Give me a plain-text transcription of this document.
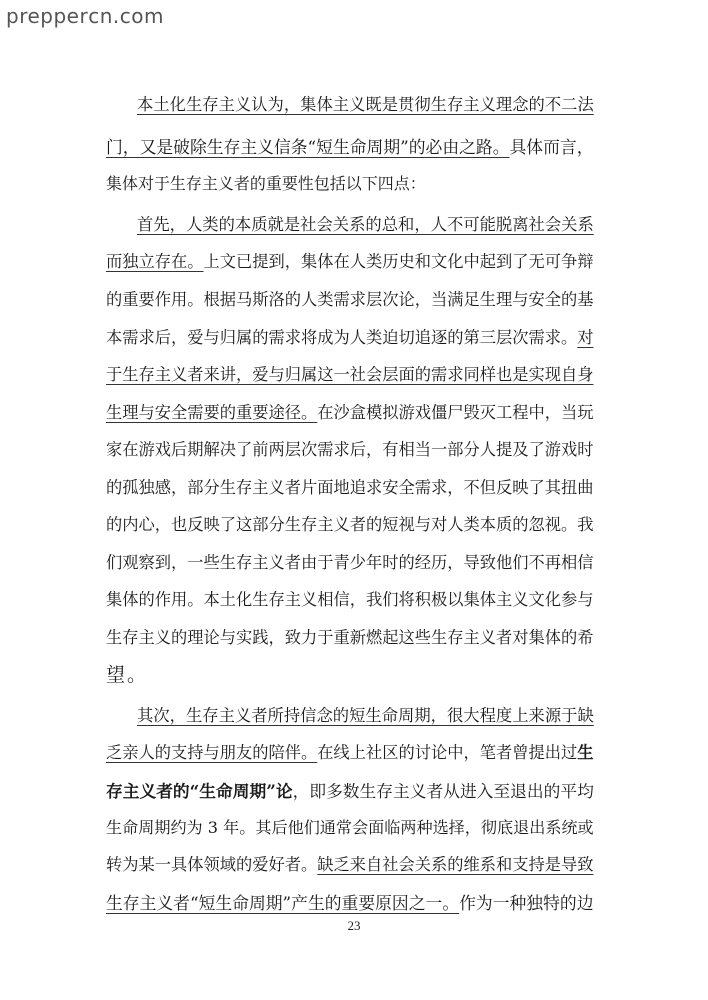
prepperсn.com
本土化生存主义认为，集体主义既是贯彻生存主义理念的不二法
门，又是破除生存主义信条“短生命周期”的必由之路。具体而言，
集体对于生存主义者的重要性包括以下四点：
首先，人类的本质就是社会关系的总和，人不可能脱离社会关系
而独立存在。上文已提到，集体在人类历史和文化中起到了无可争辩
的重要作用。根据马斯洛的人类需求层次论，当满足生理与安全的基
本需求后，爱与归属的需求将成为人类迫切追逐的第三层次需求。对
于生存主义者来讲，爱与归属这一社会层面的需求同样也是实现自身
生理与安全需要的重要途径。在沙盒模拟游戏僵尸毁灭工程中，当玩
家在游戏后期解决了前两层次需求后，有相当一部分人提及了游戏时
的孤独感，部分生存主义者片面地追求安全需求，不但反映了其扭曲
的内心，也反映了这部分生存主义者的短视与对人类本质的忽视。我
们观察到，一些生存主义者由于青少年时的经历，导致他们不再相信
集体的作用。本土化生存主义相信，我们将积极以集体主义文化参与
生存主义的理论与实践，致力于重新燃起这些生存主义者对集体的希
望。
其次，生存主义者所持信念的短生命周期，很大程度上来源于缺
乏亲人的支持与朋友的陪伴。在线上社区的讨论中，笔者曾提出过生
存主义者的“生命周期”论，即多数生存主义者从进入至退出的平均
生命周期约为 3 年。其后他们通常会面临两种选择，彻底退出系统或
转为某一具体领域的爱好者。缺乏来自社会关系的维系和支持是导致
生存主义者“短生命周期”产生的重要原因之一。作为一种独特的边
23
